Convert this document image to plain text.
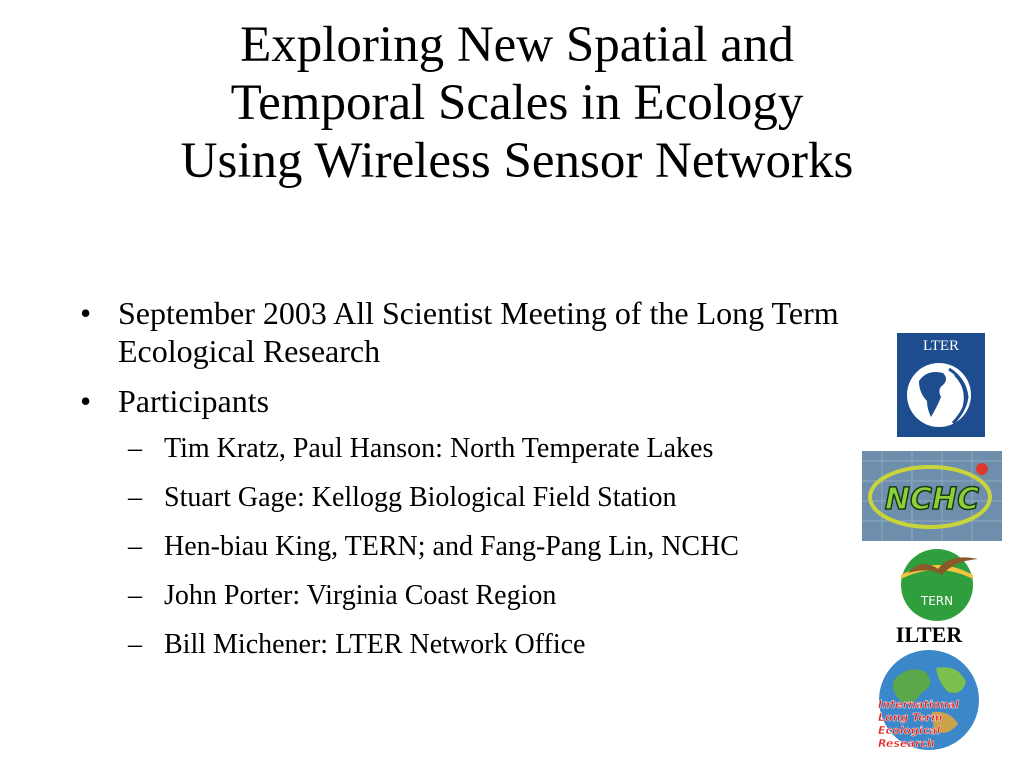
Exploring New Spatial and
Temporal Scales in Ecology
Using Wireless Sensor Networks
• September 2003 All Scientist Meeting of the Long Term Ecological Research
• Participants
– Tim Kratz, Paul Hanson: North Temperate Lakes
– Stuart Gage: Kellogg Biological Field Station
– Hen-biau King, TERN; and Fang-Pang Lin, NCHC
– John Porter: Virginia Coast Region
– Bill Michener: LTER Network Office
LTER
NCHC
TERN
ILTER
International
Long Term
Ecological
Research
